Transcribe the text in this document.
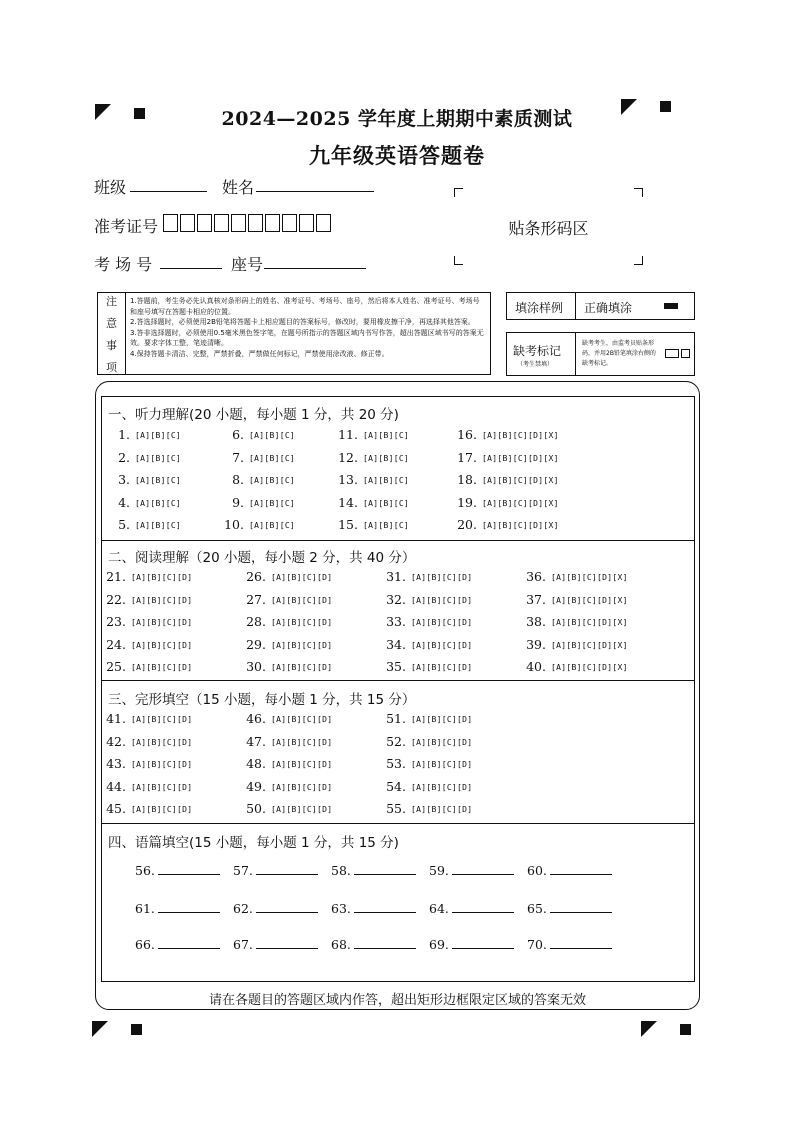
2024—2025 学年度上期期中素质测试
九年级英语答题卷
班级	姓名
准考证号
考 场 号	座号
贴条形码区
注
意
事
项
1.答题前，考生务必先认真核对条形码上的姓名、准考证号、考场号、座号，然后将本人姓名、准考证号、考场号和座号填写在答题卡相应的位置。
2.答选择题时，必须使用2B铅笔将答题卡上相应题目的答案标号，修改时，要用橡皮擦干净，再选择其他答案。
3.答非选择题时，必须使用0.5毫米黑色签字笔，在题号所指示的答题区域内书写作答，超出答题区域书写的答案无效。要求字体工整，笔迹清晰。
4.保持答题卡清洁、完整，严禁折叠，严禁做任何标记，严禁使用涂改液、修正带。
填涂样例 正确填涂
缺考标记
（考生禁填）
缺考考生，由监考员贴条形码，并用2B铅笔填涂右侧的缺考标记。
一、听力理解(20 小题，每小题 1 分，共 20 分)
1. [A][B][C]
2. [A][B][C]
3. [A][B][C]
4. [A][B][C]
5. [A][B][C]
6. [A][B][C]
7. [A][B][C]
8. [A][B][C]
9. [A][B][C]
10. [A][B][C]
11. [A][B][C]
12. [A][B][C]
13. [A][B][C]
14. [A][B][C]
15. [A][B][C]
16. [A][B][C][D][X]
17. [A][B][C][D][X]
18. [A][B][C][D][X]
19. [A][B][C][D][X]
20. [A][B][C][D][X]
二、阅读理解（20 小题，每小题 2 分，共 40 分）
21. [A][B][C][D]
22. [A][B][C][D]
23. [A][B][C][D]
24. [A][B][C][D]
25. [A][B][C][D]
26. [A][B][C][D]
27. [A][B][C][D]
28. [A][B][C][D]
29. [A][B][C][D]
30. [A][B][C][D]
31. [A][B][C][D]
32. [A][B][C][D]
33. [A][B][C][D]
34. [A][B][C][D]
35. [A][B][C][D]
36. [A][B][C][D][X]
37. [A][B][C][D][X]
38. [A][B][C][D][X]
39. [A][B][C][D][X]
40. [A][B][C][D][X]
三、完形填空（15 小题，每小题 1 分，共 15 分）
41. [A][B][C][D]
42. [A][B][C][D]
43. [A][B][C][D]
44. [A][B][C][D]
45. [A][B][C][D]
46. [A][B][C][D]
47. [A][B][C][D]
48. [A][B][C][D]
49. [A][B][C][D]
50. [A][B][C][D]
51. [A][B][C][D]
52. [A][B][C][D]
53. [A][B][C][D]
54. [A][B][C][D]
55. [A][B][C][D]
四、语篇填空(15 小题，每小题 1 分，共 15 分)
56.	57.	58.	59.	60.
61.	62.	63.	64.	65.
66.	67.	68.	69.	70.
请在各题目的答题区域内作答，超出矩形边框限定区域的答案无效
